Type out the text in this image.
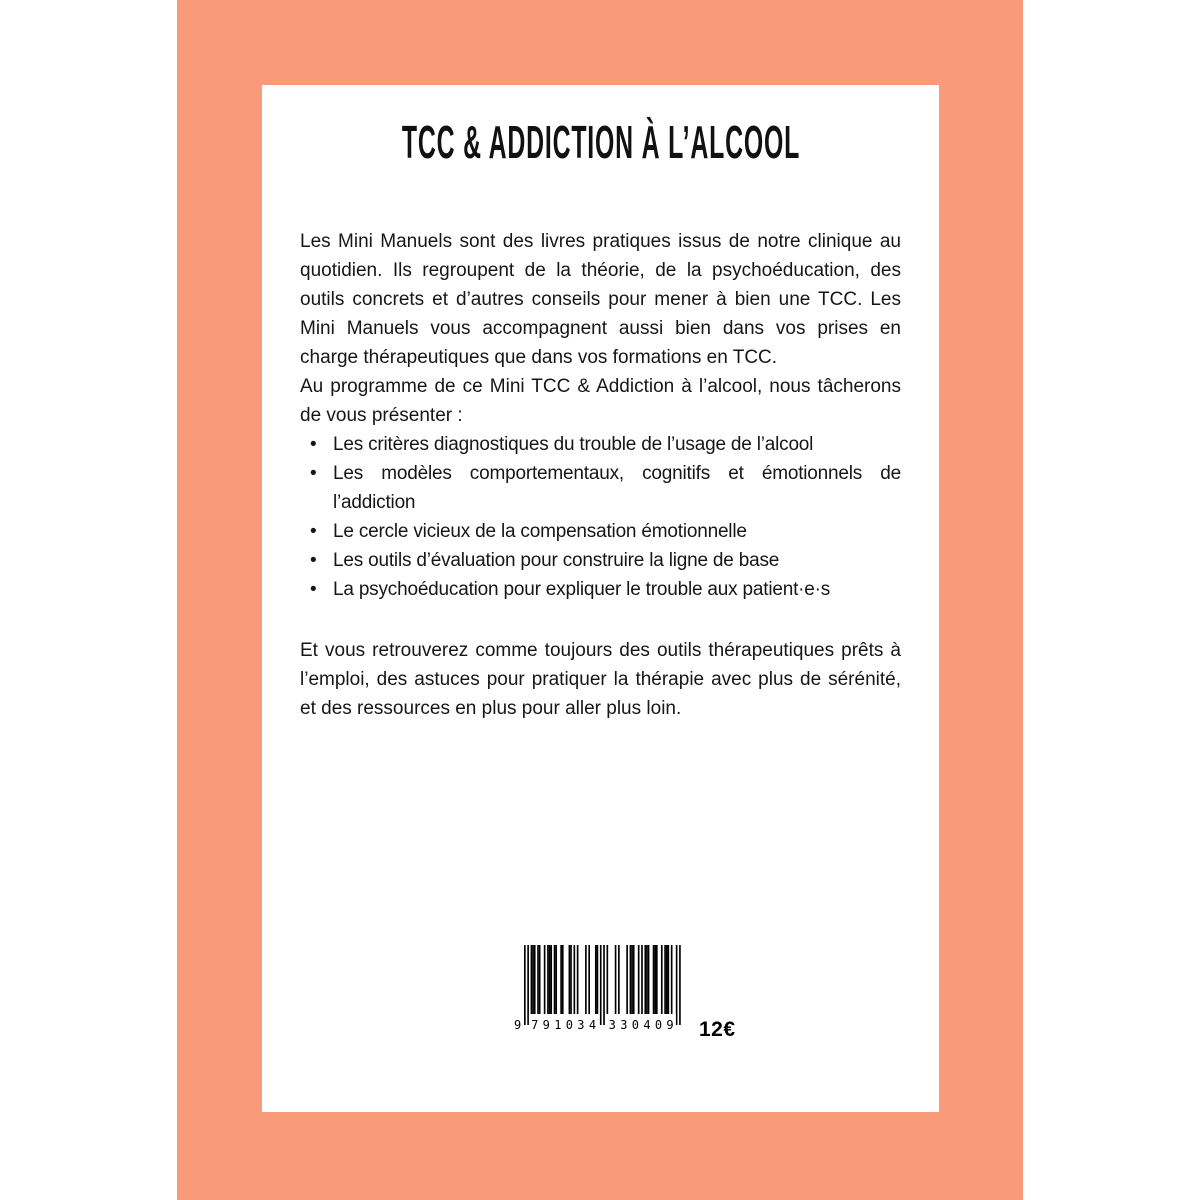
TCC & ADDICTION À L’ALCOOL

Les Mini Manuels sont des livres pratiques issus de notre clinique au quotidien. Ils regroupent de la théorie, de la psychoéducation, des outils concrets et d’autres conseils pour mener à bien une TCC. Les Mini Manuels vous accompagnent aussi bien dans vos prises en charge thérapeutiques que dans vos formations en TCC.

Au programme de ce Mini TCC & Addiction à l’alcool, nous tâcherons de vous présenter :

• Les critères diagnostiques du trouble de l’usage de l’alcool
• Les modèles comportementaux, cognitifs et émotionnels de l’addiction
• Le cercle vicieux de la compensation émotionnelle
• Les outils d’évaluation pour construire la ligne de base
• La psychoéducation pour expliquer le trouble aux patient·e·s

Et vous retrouverez comme toujours des outils thérapeutiques prêts à l’emploi, des astuces pour pratiquer la thérapie avec plus de sérénité, et des ressources en plus pour aller plus loin.

9 7 9 1 0 3 4 3 3 0 4 0 9 12€
